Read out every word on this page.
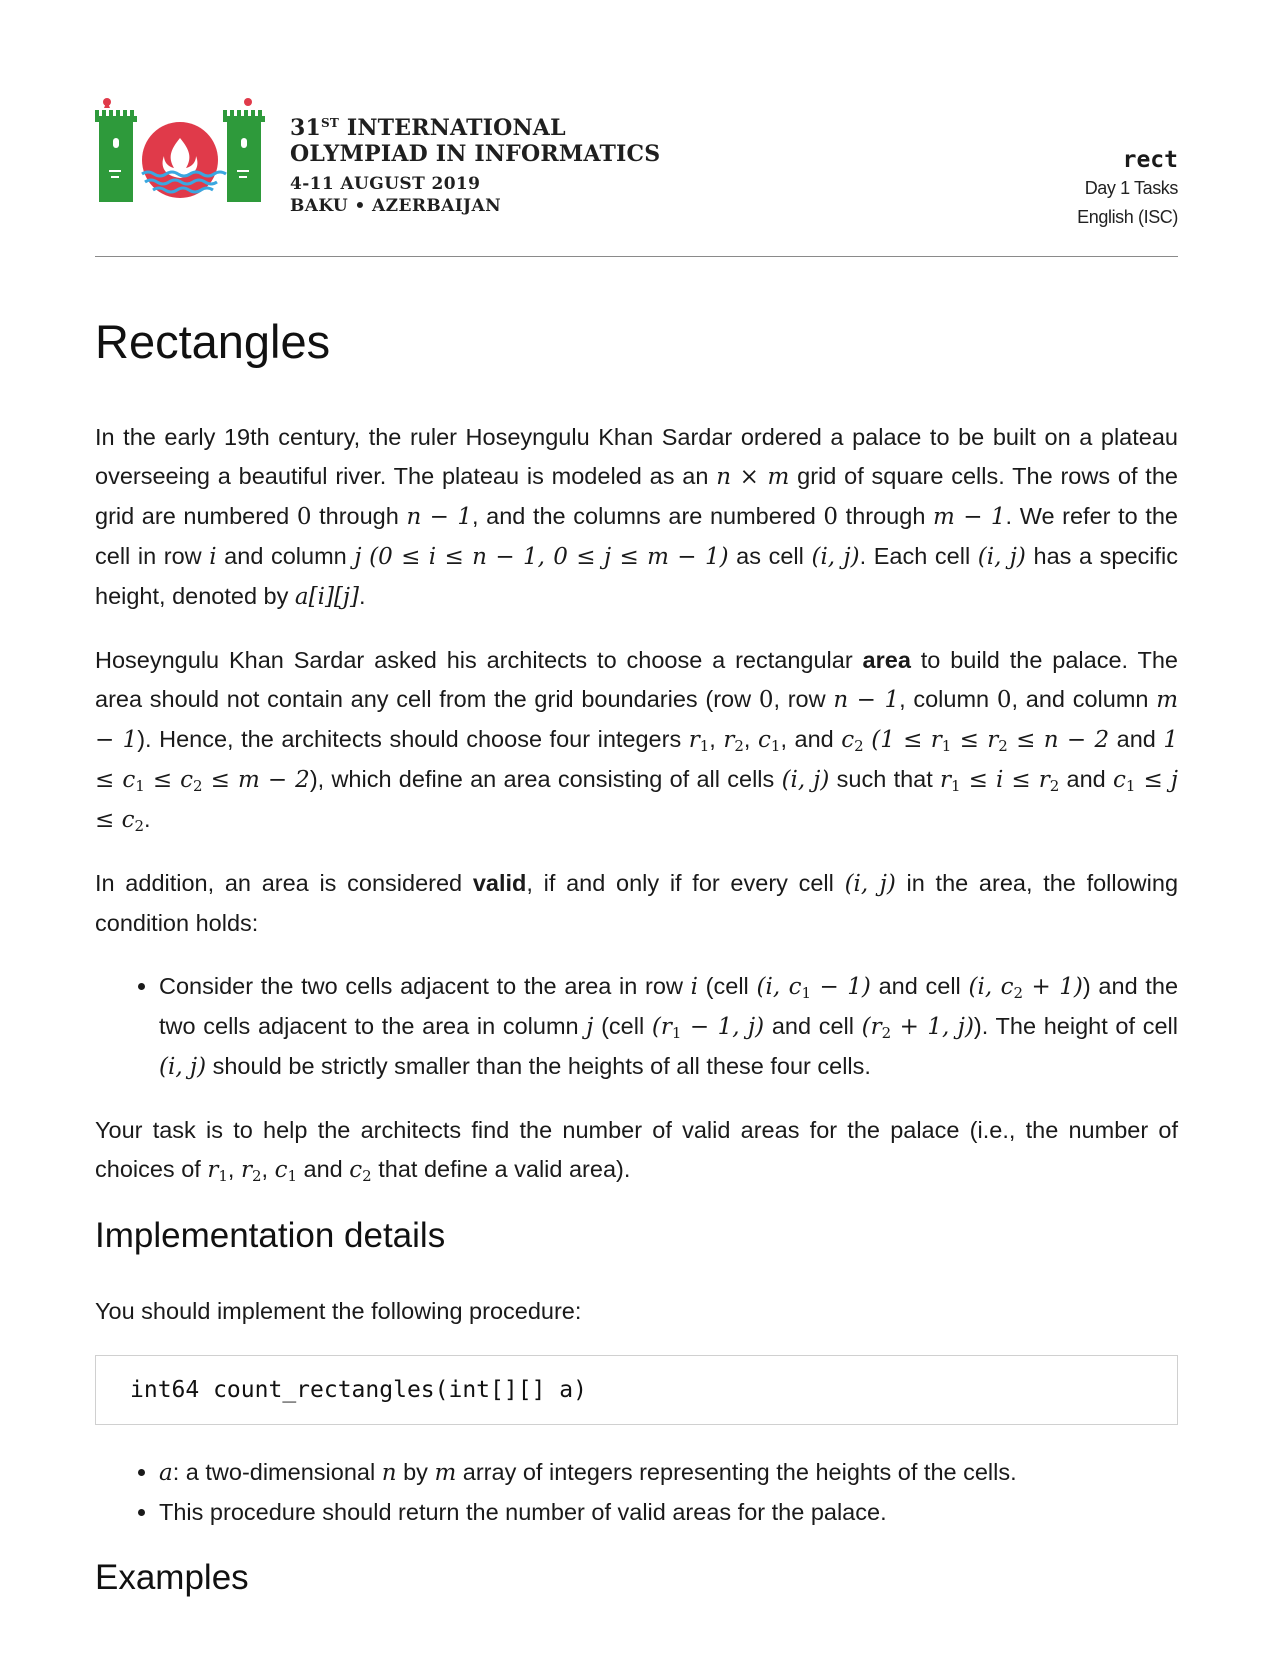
31ST INTERNATIONAL
OLYMPIAD IN INFORMATICS
4-11 AUGUST 2019
BAKU • AZERBAIJAN
rect
Day 1 Tasks
English (ISC)
Rectangles

In the early 19th century, the ruler Hoseyngulu Khan Sardar ordered a palace to be built on a plateau overseeing a beautiful river. The plateau is modeled as an n × m grid of square cells. The rows of the grid are numbered 0 through n − 1, and the columns are numbered 0 through m − 1. We refer to the cell in row i and column j (0 ≤ i ≤ n − 1, 0 ≤ j ≤ m − 1) as cell (i, j). Each cell (i, j) has a specific height, denoted by a[i][j].

Hoseyngulu Khan Sardar asked his architects to choose a rectangular area to build the palace. The area should not contain any cell from the grid boundaries (row 0, row n − 1, column 0, and column m − 1). Hence, the architects should choose four integers $r_1$, $r_2$, $c_1$, and $c_2$ ($1 \le r_1 \le r_2 \le n - 2$ and $1 \le c_1 \le c_2 \le m - 2$), which define an area consisting of all cells (i, j) such that $r_1 \le i \le r_2$ and $c_1 \le j \le c_2$.

In addition, an area is considered valid, if and only if for every cell (i, j) in the area, the following condition holds:

• Consider the two cells adjacent to the area in row i (cell (i, $c_1 - 1$) and cell (i, $c_2 + 1$)) and the two cells adjacent to the area in column j (cell ($r_1 - 1$, j) and cell ($r_2 + 1$, j)). The height of cell (i, j) should be strictly smaller than the heights of all these four cells.

Your task is to help the architects find the number of valid areas for the palace (i.e., the number of choices of $r_1$, $r_2$, $c_1$ and $c_2$ that define a valid area).

Implementation details

You should implement the following procedure:

int64 count_rectangles(int[][] a)
• a: a two-dimensional n by m array of integers representing the heights of the cells.
• This procedure should return the number of valid areas for the palace.
Examples
